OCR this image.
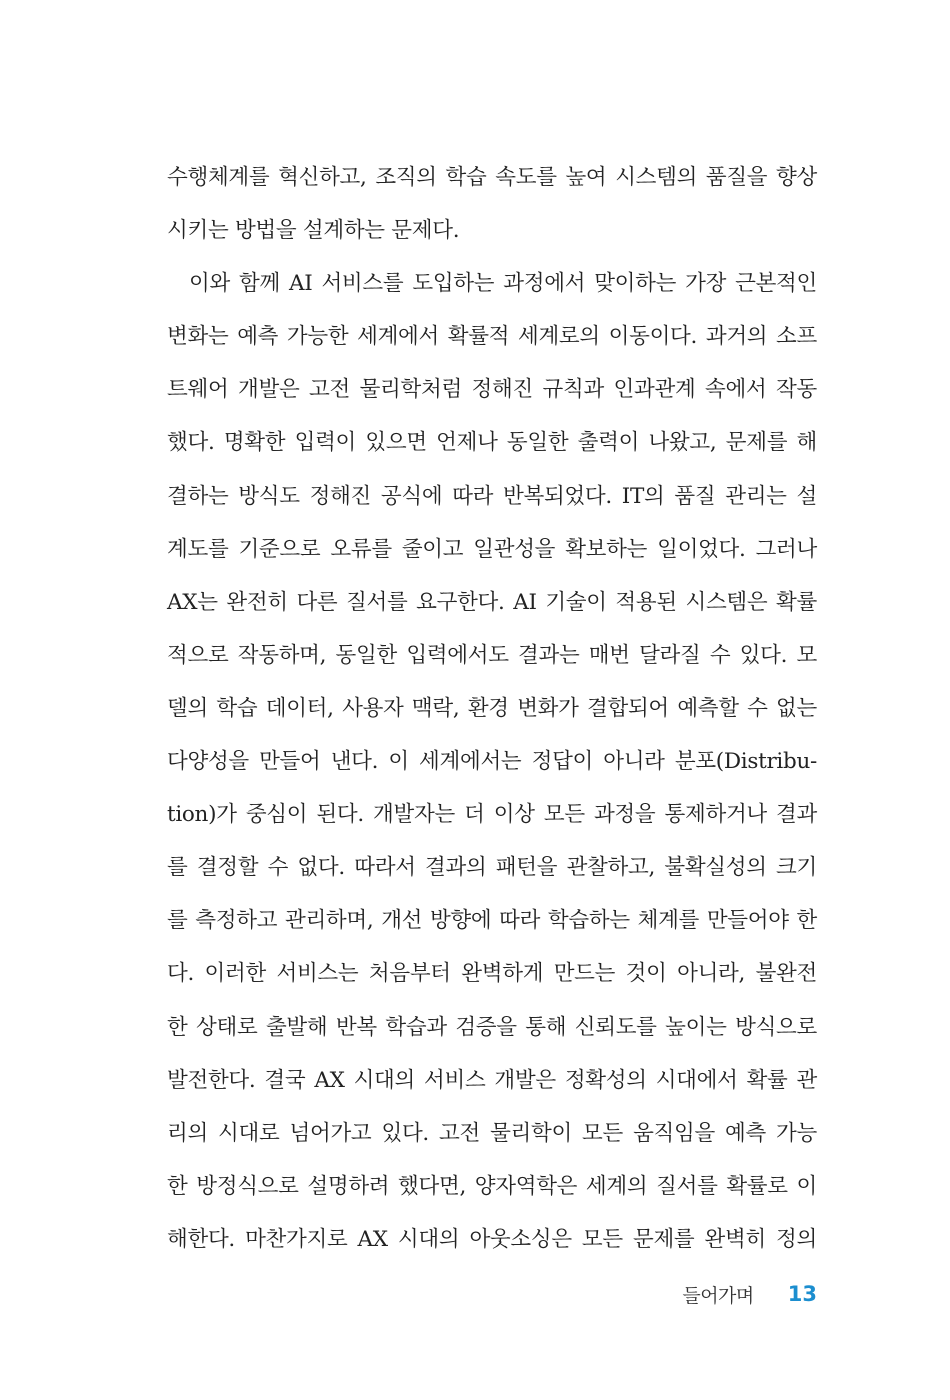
수행체계를 혁신하고, 조직의 학습 속도를 높여 시스템의 품질을 향상
시키는 방법을 설계하는 문제다.
이와 함께 AI 서비스를 도입하는 과정에서 맞이하는 가장 근본적인
변화는 예측 가능한 세계에서 확률적 세계로의 이동이다. 과거의 소프
트웨어 개발은 고전 물리학처럼 정해진 규칙과 인과관계 속에서 작동
했다. 명확한 입력이 있으면 언제나 동일한 출력이 나왔고, 문제를 해
결하는 방식도 정해진 공식에 따라 반복되었다. IT의 품질 관리는 설
계도를 기준으로 오류를 줄이고 일관성을 확보하는 일이었다. 그러나
AX는 완전히 다른 질서를 요구한다. AI 기술이 적용된 시스템은 확률
적으로 작동하며, 동일한 입력에서도 결과는 매번 달라질 수 있다. 모
델의 학습 데이터, 사용자 맥락, 환경 변화가 결합되어 예측할 수 없는
다양성을 만들어 낸다. 이 세계에서는 정답이 아니라 분포(Distribu-
tion)가 중심이 된다. 개발자는 더 이상 모든 과정을 통제하거나 결과
를 결정할 수 없다. 따라서 결과의 패턴을 관찰하고, 불확실성의 크기
를 측정하고 관리하며, 개선 방향에 따라 학습하는 체계를 만들어야 한
다. 이러한 서비스는 처음부터 완벽하게 만드는 것이 아니라, 불완전
한 상태로 출발해 반복 학습과 검증을 통해 신뢰도를 높이는 방식으로
발전한다. 결국 AX 시대의 서비스 개발은 정확성의 시대에서 확률 관
리의 시대로 넘어가고 있다. 고전 물리학이 모든 움직임을 예측 가능
한 방정식으로 설명하려 했다면, 양자역학은 세계의 질서를 확률로 이
해한다. 마찬가지로 AX 시대의 아웃소싱은 모든 문제를 완벽히 정의
들어가며 13
